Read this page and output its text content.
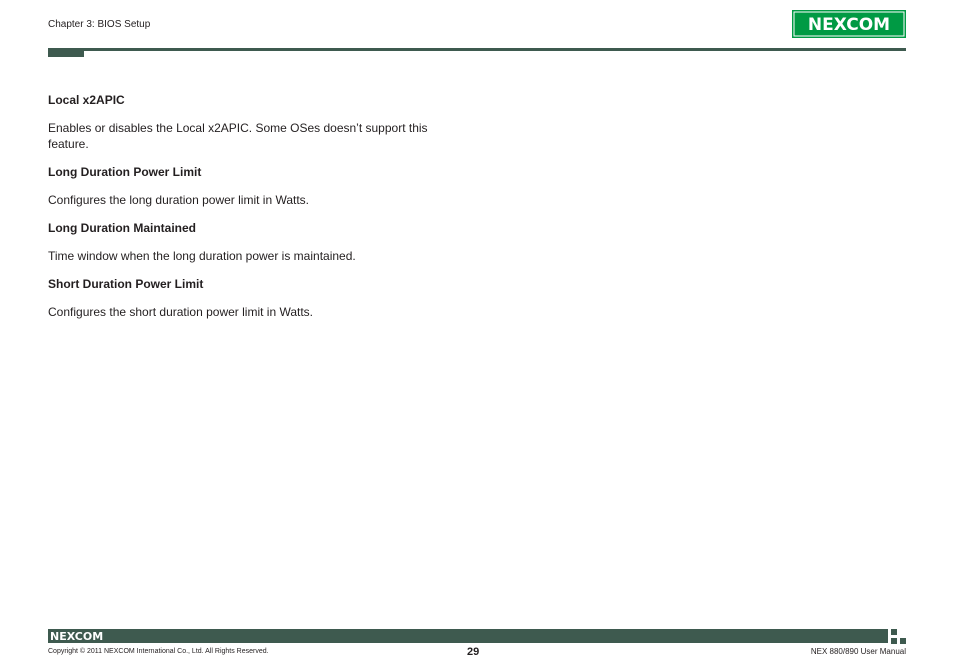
Chapter 3: BIOS Setup	NEXCOM

Local x2APIC

Enables or disables the Local x2APIC. Some OSes doesn’t support this feature.

Long Duration Power Limit

Configures the long duration power limit in Watts.

Long Duration Maintained

Time window when the long duration power is maintained.

Short Duration Power Limit

Configures the short duration power limit in Watts.

NEXCOM
Copyright © 2011 NEXCOM International Co., Ltd. All Rights Reserved.	29	NEX 880/890 User Manual
